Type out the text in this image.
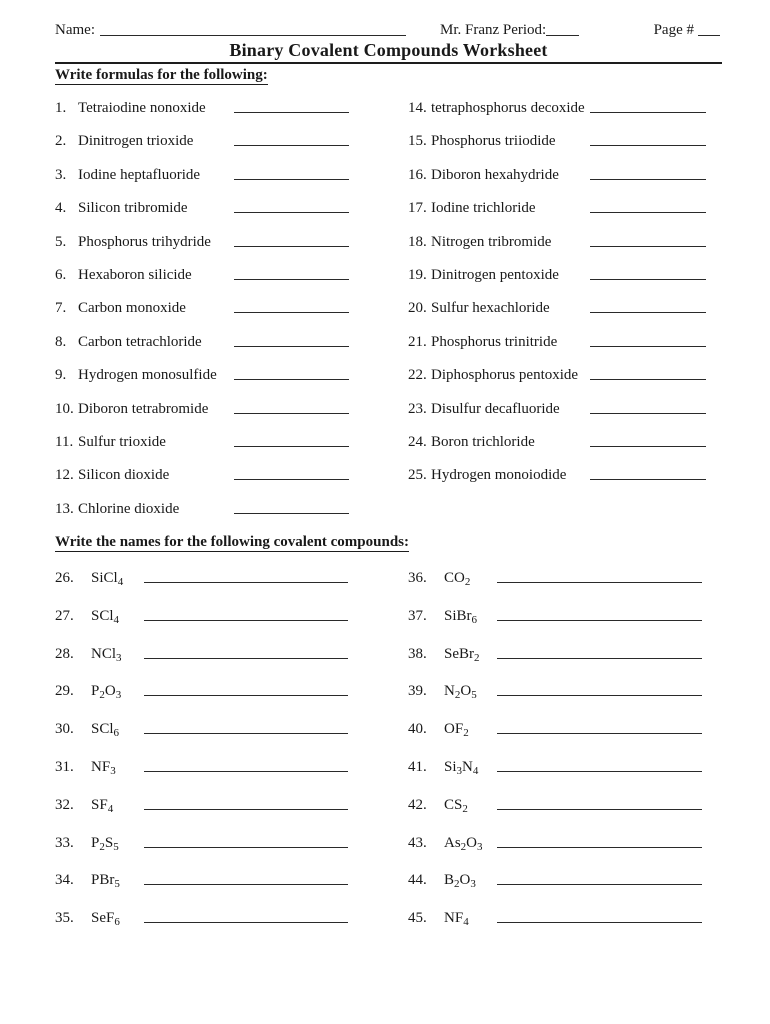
Name:	Mr. Franz Period:	Page #
Binary Covalent Compounds Worksheet
Write formulas for the following:
1. Tetraiodine nonoxide
2. Dinitrogen trioxide
3. Iodine heptafluoride
4. Silicon tribromide
5. Phosphorus trihydride
6. Hexaboron silicide
7. Carbon monoxide
8. Carbon tetrachloride
9. Hydrogen monosulfide
10. Diboron tetrabromide
11. Sulfur trioxide
12. Silicon dioxide
13. Chlorine dioxide
14. tetraphosphorus decoxide
15. Phosphorus triiodide
16. Diboron hexahydride
17. Iodine trichloride
18. Nitrogen tribromide
19. Dinitrogen pentoxide
20. Sulfur hexachloride
21. Phosphorus trinitride
22. Diphosphorus pentoxide
23. Disulfur decafluoride
24. Boron trichloride
25. Hydrogen monoiodide
Write the names for the following covalent compounds:
26.	SiCl$_4$
27.	SCl$_4$
28.	NCl$_3$
29.	$P_2O_3$
30.	SCl$_6$
31.	$NF_3$
32.	$SF_4$
33.	$P_2S_5$
34.	PBr$_5$
35.	SeF$_6$
36.	$CO_2$
37.	SiBr$_6$
38.	SeBr$_2$
39.	$N_2O_5$
40.	$OF_2$
41.	$Si_3N_4$
42.	$CS_2$
43.	$As_2O_3$
44.	$B_2O_3$
45.	$NF_4$
